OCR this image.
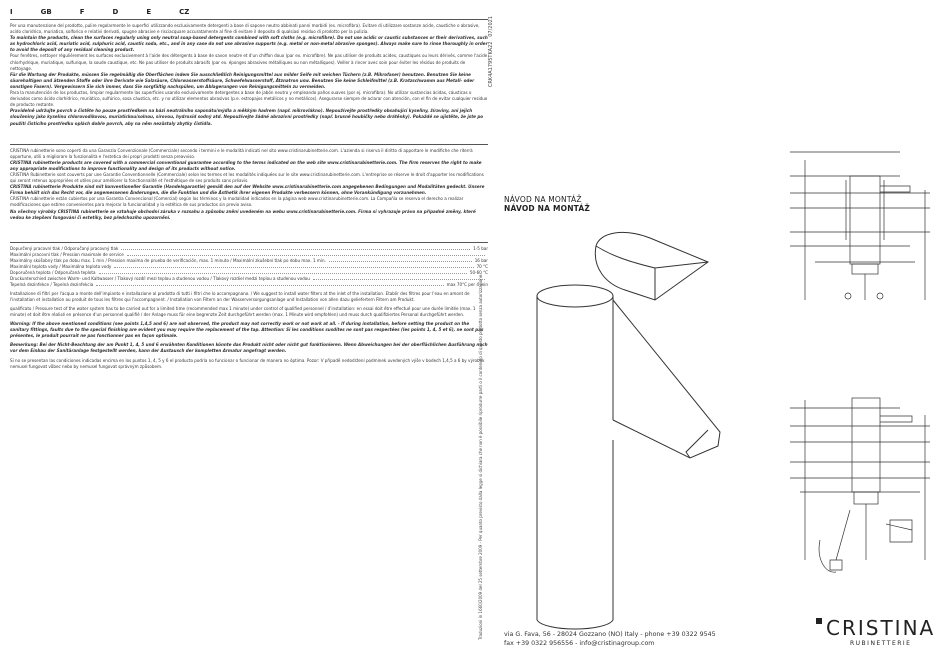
I	GB	F	D	E	CZ

Per una manutenzione del prodotto, pulire regolarmente le superfici utilizzando esclusivamente detergenti a base di sapone neutro abbinati panni morbidi (es. microfibra). Evitare di utilizzare sostanze acide, caustiche o abrasive, acido cloridrico, muriatico, solforico e relativi derivati, spugne abrasive e risciacquare accuratamente al fine di evitare il deposito di qualsiasi residuo di prodotto per la pulizia.

To maintain the products, clean the surfaces regularly using only neutral soap-based detergents combined with soft cloths (e.g. microfibre). Do not use acidic or caustic substances or their derivatives, such as hydrochloric acid, muriatic acid, sulphuric acid, caustic soda, etc., and in any case do not use abrasive supports (e.g. metal or non-metal abrasive sponges). Always make sure to rinse thoroughly in order to avoid the deposit of any residual cleaning product.

Pour fenêtres, nettoyer régulièrement les surfaces exclusivement à l'aide des détergents à base de savon neutre et d'un chiffon doux (par ex. microfibre). Ne pas utiliser de produits acides, caustiques ou leurs dérivés, comme l'acide chlorhydrique, muriatique, sulfurique, la soude caustique, etc. Ne pas utiliser de produits abrasifs (par ex. éponges abrasives métalliques ou non métalliques). Veiller à rincer avec soin pour éviter les résidus de produits de nettoyage.

Für die Wartung der Produkte, müssen Sie regelmäßig die Oberflächen indem Sie ausschließlich Reinigungsmittel aus milder Seife mit weichen Tüchern (z.B. Mikrofaser) benutzen. Benutzen Sie keine säurehaltigen und ätzenden Stoffe oder ihre Derivate wie Salzsäure, Chlorwasserstoffsäure, Schwefelwasserstoff, Ätznatron usw. Benutzen Sie keine Schleifmittel (z.B. Kratzschwamm aus Metall- oder sonstigen Fasern). Vergewissern Sie sich immer, dass Sie sorgfältig nachspülen, um Ablagerungen von Reinigungsmitteln zu vermeiden.

Para la manutención de los productos, limpiar regularmente las superficies usando exclusivamente detergentes a base de jabón neutro y empleando paños suaves (por ej. microfibra). No utilizar sustancias ácidas, cáusticas o derivados como ácido clorhídrico, muriático, sulfúrico, sosa cáustica, etc. y no utilizar elementos abrasivos (p.e. estropajos metálicos y no metálicos). Asegurarse siempre de aclarar con atención, con el fin de evitar cualquier residuo de producto restante.

Pravidelně udržujte povrch a čistěte ho pouze prostředkem na bázi neutrálního saponátu/mýdla a měkkým hadrem (např. mikrovlákno). Nepoužívejte prostředky obsahující kyseliny, žíraviny, ani jejich sloučeniny jako kyselinu chlorovodíkovou, muriatickou/solnou, sírovou, hydroxid sodný atd. Nepoužívejte žádné abrazivní prostředky (např. brusné houbičky nebo drátěnky). Pokaždé se ujistěte, že jste po použití čisticího prostředku oplách dobře povrch, aby na něm nezůstaly zbytky čistidla.

CRISTINA rubinetterie sono coperti da una Garanzia Convenzionale (Commerciale) secondo i termini e le modalità indicati nel sito www.cristinarubinetterie.com. L'azienda si riserva il diritto di apportare le modifiche che riterrà opportune, utili a migliorare la funzionalità e l'estetica dei propri prodotti senza preavviso.

CRISTINA rubinetterie products are covered with a commercial conventional guarantee according to the terms indicated on the web site www.cristinarubinetterie.com. The firm reserves the right to make any appropriate modifications to improve functionality and design of its products without notice.

CRISTINA Rubinetterie sont couverts par une Garantie Conventionnelle (Commerciale) selon les termes et les modalités indiquées sur le site www.cristinarubinetterie.com. L'entreprise se réserve le droit d'apporter les modifications qui seront retenus appropriées et utiles pour améliorer la fonctionnalité et l'esthétique de ses produits sans préavis.

CRISTINA rubinetterie Produkte sind mit konventioneller Garantie (Handelsgarantie) gemäß den auf der Website www.cristinarubinetterie.com angegebenen Bedingungen und Modalitäten gedeckt. Unsere Firma behält sich das Recht vor, die angemessenen Änderungen, die die Funktion und die Ästhetik ihrer eigenen Produkte verbessern können, ohne Vorankündigung vorzunehmen.

CRISTINA rubinetterie están cubiertos por una Garantía Convencional (Comercial) según los términos y la modalidad indicados en la página web www.cristinarubinetterie.com. La Compañía se reserva el derecho a realizar modificaciones que estime convenientes para mejorar la funcionalidad y la estética de sus productos sin previo aviso.

Na všechny výrobky CRISTINA rubinetterie se vztahuje obchodní záruka v rozsahu a způsobu znění uvedeném na webu www.cristinarubinetterie.com. Firma si vyhrazuje právo na případné změny, které vedou ke zlepšení fungování či estetiky, bez předchozího upozornění.

Dopurčený pracovní tlak / Odporučaný pracovný tlak	1-5 bar
Maximální pracovní tlak / Pression maximale de service
Maximálny skúšobný tlak po dobu max. 1 min / Pression maxima de prueba de verificación, max. 1 minuto / Maximální zkušební tlak po dobu max. 1 min.	16 bar
Maximální teplota vody / Maximálna teplota vody	70 °C
Doporučená teplota / Odporučaná teplota	50-60 °C
Druckunterschied zwischen Warm- und Kaltwasser / Tlakový rozdíl mezi teplou a studenou vodou / Tlakový rozdiel medzi teplou a studenou vodou
Tepelná dezinfekce / Tepelná dezinfekcia	max 70°C per 4 min

Installazione di filtri per l'acqua a monte dell'impianto e installazione al prodotto di tutti i filtri che lo accompagnano. / We suggest to install water filters at the inlet of the installation. Etablir des filtres pour l'eau en amont de l'installation et installation au produit de tous les filtres qui l'accompagnent. / Installation von Filtern an der Wasserversorgungsanlage und Installation von allen dazu geliefertern Filtern am Produkt.

qualificato / Pressure test of the water system has to be carried out for a limited time (recommended max 1 minute) under control of qualified personnel / d'installation: en essai doit être effectué pour une durée limitée (max. 1 minute) et doit être réalisé en présence d'un personnel qualifié / der Anlage muss für eine begrenzte Zeit durchgeführt werden (max. 1 Minute wird empfohlen) und muss durch qualifiziertes Personal durchgeführt werden.

Warning: If the above mentioned conditions (see points 1,4,5 and 6) are not observed, the product may not correctly work or not work at all. - If during installation, before setting the product on the sanitary fittings, faults due to the special finishing are evident you may require the replacement of the tap. Attention: Si les conditions susdites ne sont pas respectées (les points 1, 4, 5 et 6), ne sont pas présentes, le produit pourrait ne pas fonctionner pas en façon optimale.

Bemerkung: Bei der Nicht-Beachtung der am Punkt 1, 4, 5 und 6 erwähnten Konditionen könnte das Produkt nicht oder nicht gut funktionieren. Wenn Abweichungen bei der oberflächlichen Ausführung noch vor dem Einbau der Sanitäranlage festgestellt werden, kann der Austausch der kompletten Armatur angefragt werden.

Si no se presentan las condiciones indicadas encima en los puntos 1, 4, 5 y 6 el producto podría no funcionar o funcionar de manera no óptima. Pozor: V případě nedodržení podmínek uvedených výše v bodech 1,4,5 a 6 by výrobek nemusel fungovat vůbec nebo by nemusel fungovat správným způsobem.

CRK4A1795TKA22   07/2021
Traduzioni in 1660/2009 del 25 settembre 2009 - Per quanto previsto dalla legge si dichiara che non è possibile riprodurre parti o il contenuto di questo prodotto senza autorizzazione.
NÁVOD NA MONTÁŽ
NÁVOD NA MONTÁŽ
via G. Fava, 56 - 28024 Gozzano (NO) Italy - phone +39 0322 9545
fax +39 0322 956556 - info@cristinagroup.com
CRISTINA
RUBINETTERIE
